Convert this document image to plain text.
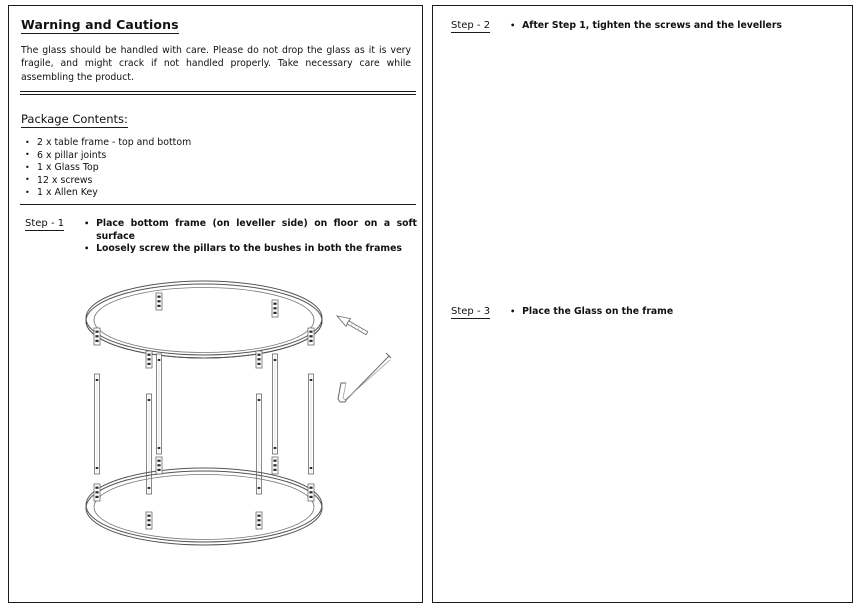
Warning and Cautions

The glass should be handled with care. Please do not drop the glass as it is very fragile, and might crack if not handled properly. Take necessary care while assembling the product.

Package Contents:
• 2 x table frame - top and bottom
• 6 x pillar joints
• 1 x Glass Top
• 12 x screws
• 1 x Allen Key
Step - 1	• Place bottom frame (on leveller side) on floor on a soft surface
• Loosely screw the pillars to the bushes in both the frames
Step - 2	• After Step 1, tighten the screws and the levellers
Step - 3	• Place the Glass on the frame
